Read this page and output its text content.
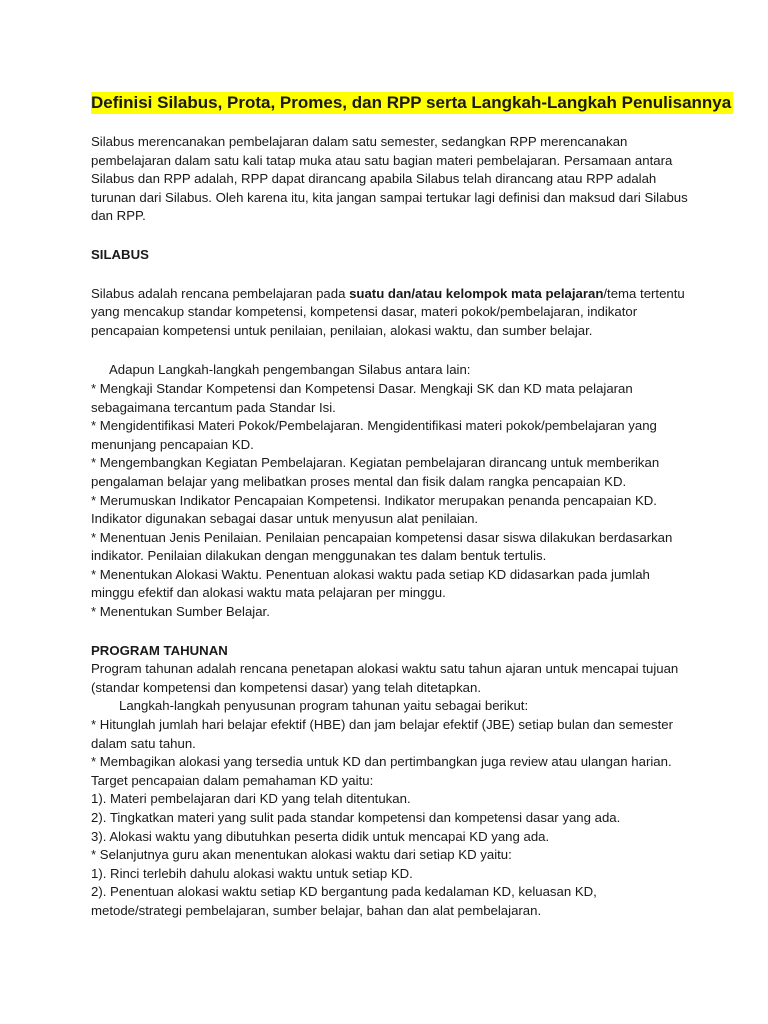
Definisi Silabus, Prota, Promes, dan RPP serta Langkah-Langkah Penulisannya

Silabus merencanakan pembelajaran dalam satu semester, sedangkan RPP merencanakan pembelajaran dalam satu kali tatap muka atau satu bagian materi pembelajaran. Persamaan antara Silabus dan RPP adalah, RPP dapat dirancang apabila Silabus telah dirancang atau RPP adalah turunan dari Silabus. Oleh karena itu, kita jangan sampai tertukar lagi definisi dan maksud dari Silabus dan RPP.

SILABUS

Silabus adalah rencana pembelajaran pada suatu dan/atau kelompok mata pelajaran/tema tertentu yang mencakup standar kompetensi, kompetensi dasar, materi pokok/pembelajaran, indikator pencapaian kompetensi untuk penilaian, penilaian, alokasi waktu, dan sumber belajar.

Adapun Langkah-langkah pengembangan Silabus antara lain:

* Mengkaji Standar Kompetensi dan Kompetensi Dasar. Mengkaji SK dan KD mata pelajaran sebagaimana tercantum pada Standar Isi.

* Mengidentifikasi Materi Pokok/Pembelajaran. Mengidentifikasi materi pokok/pembelajaran yang menunjang pencapaian KD.

* Mengembangkan Kegiatan Pembelajaran. Kegiatan pembelajaran dirancang untuk memberikan pengalaman belajar yang melibatkan proses mental dan fisik dalam rangka pencapaian KD.

* Merumuskan Indikator Pencapaian Kompetensi. Indikator merupakan penanda pencapaian KD. Indikator digunakan sebagai dasar untuk menyusun alat penilaian.

* Menentuan Jenis Penilaian. Penilaian pencapaian kompetensi dasar siswa dilakukan berdasarkan indikator. Penilaian dilakukan dengan menggunakan tes dalam bentuk tertulis.

* Menentukan Alokasi Waktu. Penentuan alokasi waktu pada setiap KD didasarkan pada jumlah minggu efektif dan alokasi waktu mata pelajaran per minggu.

* Menentukan Sumber Belajar.

PROGRAM TAHUNAN

Program tahunan adalah rencana penetapan alokasi waktu satu tahun ajaran untuk mencapai tujuan (standar kompetensi dan kompetensi dasar) yang telah ditetapkan.

Langkah-langkah penyusunan program tahunan yaitu sebagai berikut:

* Hitunglah jumlah hari belajar efektif (HBE) dan jam belajar efektif (JBE) setiap bulan dan semester dalam satu tahun.

* Membagikan alokasi yang tersedia untuk KD dan pertimbangkan juga review atau ulangan harian.

Target pencapaian dalam pemahaman KD yaitu:

1). Materi pembelajaran dari KD yang telah ditentukan.

2). Tingkatkan materi yang sulit pada standar kompetensi dan kompetensi dasar yang ada.

3). Alokasi waktu yang dibutuhkan peserta didik untuk mencapai KD yang ada.

* Selanjutnya guru akan menentukan alokasi waktu dari setiap KD yaitu:

1). Rinci terlebih dahulu alokasi waktu untuk setiap KD.

2). Penentuan alokasi waktu setiap KD bergantung pada kedalaman KD, keluasan KD, metode/strategi pembelajaran, sumber belajar, bahan dan alat pembelajaran.
